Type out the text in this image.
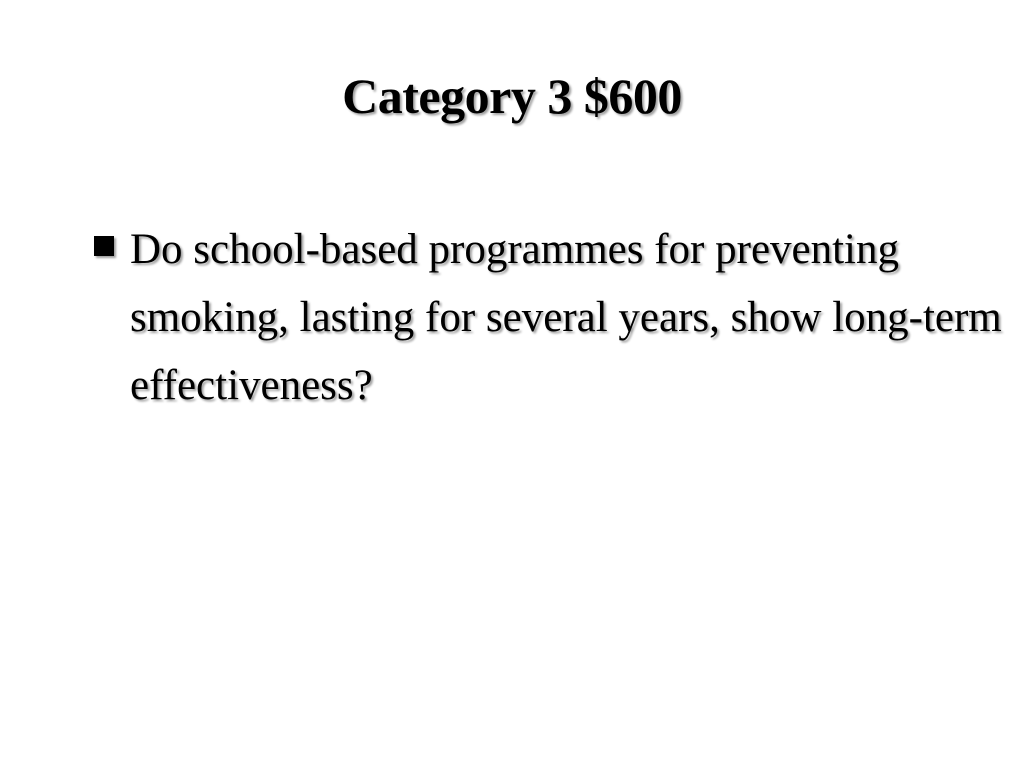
Category 3 $600
Do school-based programmes for preventing smoking, lasting for several years, show long-term effectiveness?
